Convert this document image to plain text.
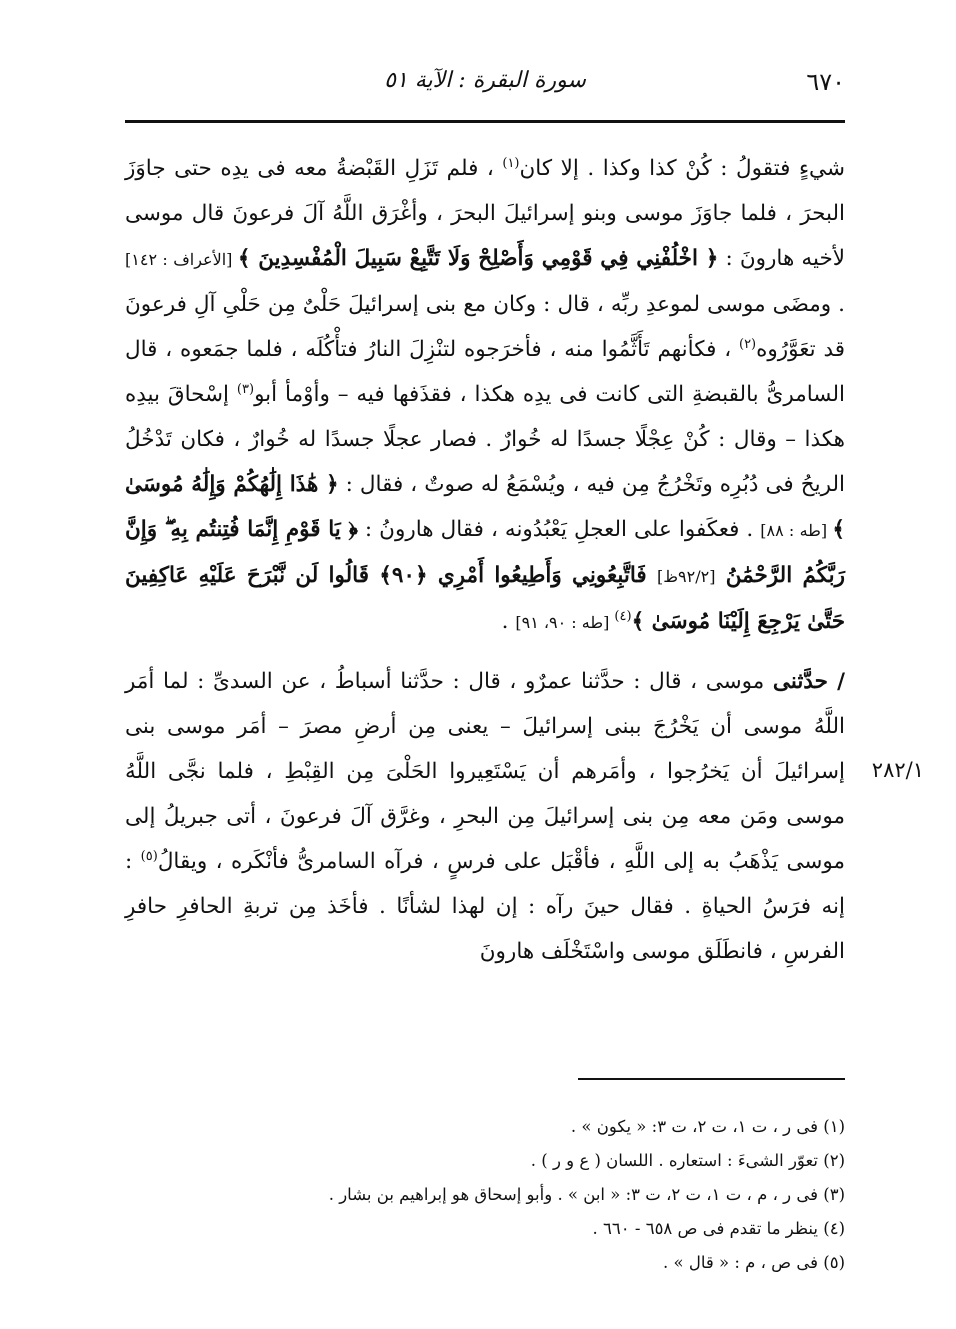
٦٧٠
سورة البقرة : الآية ٥١
٢٨٢/١

شيءٍ فتقولُ : كُنْ كذا وكذا . إلا كان$^{(١)}$ ، فلم تَزَلِ القَبْضةُ معه فى يدِه حتى جاوَزَ البحرَ ، فلما جاوَزَ موسى وبنو إسرائيلَ البحرَ ، وأغْرَق اللَّهُ آلَ فرعونَ قال موسى لأخيه هارونَ : ﴿ اخْلُفْنِي فِي قَوْمِي وَأَصْلِحْ وَلَا تَتَّبِعْ سَبِيلَ الْمُفْسِدِينَ ﴾ [الأعراف : ١٤٢] . ومضَى موسى لموعدِ ربِّه ، قال : وكان مع بنى إسرائيلَ حَلْىٌ مِن حَلْىِ آلِ فرعونَ قد تعَوَّرُوه$^{(٢)}$ ، فكأنهم تَأَثَّمُوا منه ، فأخرَجوه لتنْزِلَ النارُ فتأْكُلَه ، فلما جمَعوه ، قال السامرىُّ بالقبضةِ التى كانت فى يدِه هكذا ، فقذَفها فيه – وأوْمأ أبو$^{(٣)}$ إسْحاقَ بيدِه هكذا – وقال : كُنْ عِجْلًا جسدًا له خُوارٌ . فصار عجلًا جسدًا له خُوارٌ ، فكان تَدْخُلُ الريحُ فى دُبُرِه وتَخْرُجُ مِن فيه ، ويُسْمَعُ له صوتٌ ، فقال : ﴿ هَٰذَا إِلَٰهُكُمْ وَإِلَٰهُ مُوسَىٰ ﴾ [طه : ٨٨] . فعكَفوا على العجلِ يَعْبُدُونه ، فقال هارونُ : ﴿ يَا قَوْمِ إِنَّمَا فُتِنتُم بِهِ ۖ وَإِنَّ رَبَّكُمُ الرَّحْمَٰنُ [٩٢/٢ظ] فَاتَّبِعُونِي وَأَطِيعُوا أَمْرِي ﴿٩٠﴾ قَالُوا لَن نَّبْرَحَ عَلَيْهِ عَاكِفِينَ حَتَّىٰ يَرْجِعَ إِلَيْنَا مُوسَىٰ ﴾$^{(٤)}$ [طه : ٩٠، ٩١] .

/ حدَّثنى موسى ، قال : حدَّثنا عمرٌو ، قال : حدَّثنا أسباطُ ، عن السدىِّ : لما أمَر اللَّهُ موسى أن يَخْرُجَ ببنى إسرائيلَ – يعنى مِن أرضِ مصرَ – أمَر موسى بنى إسرائيلَ أن يَخرُجوا ، وأمَرهم أن يَسْتَعِيروا الحَلْىَ مِن القِبْطِ ، فلما نجَّى اللَّهُ موسى ومَن معه مِن بنى إسرائيلَ مِن البحرِ ، وغرَّق آلَ فرعونَ ، أتى جبريلُ إلى موسى يَذْهَبُ به إلى اللَّهِ ، فأقْبَل على فرسٍ ، فرآه السامرىُّ فأنْكَره ، ويقالُ$^{(٥)}$ : إنه فرَسُ الحياةِ . فقال حينَ رآه : إن لهذا لشأنًا . فأخَذ مِن تربةِ الحافرِ حافرِ الفرسِ ، فانطَلَق موسى واسْتَخْلَف هارونَ

(١) فى ر ، ت ١، ت ٢، ت ٣: « يكون » .
(٢) تعوّر الشىءَ : استعاره . اللسان ( ع و ر ) .
(٣) فى ر ، م ، ت ١، ت ٢، ت ٣: « ابن » . وأبو إسحاق هو إبراهيم بن بشار .
(٤) ينظر ما تقدم فى ص ٦٥٨ - ٦٦٠ .
(٥) فى ص ، م : « قال » .
